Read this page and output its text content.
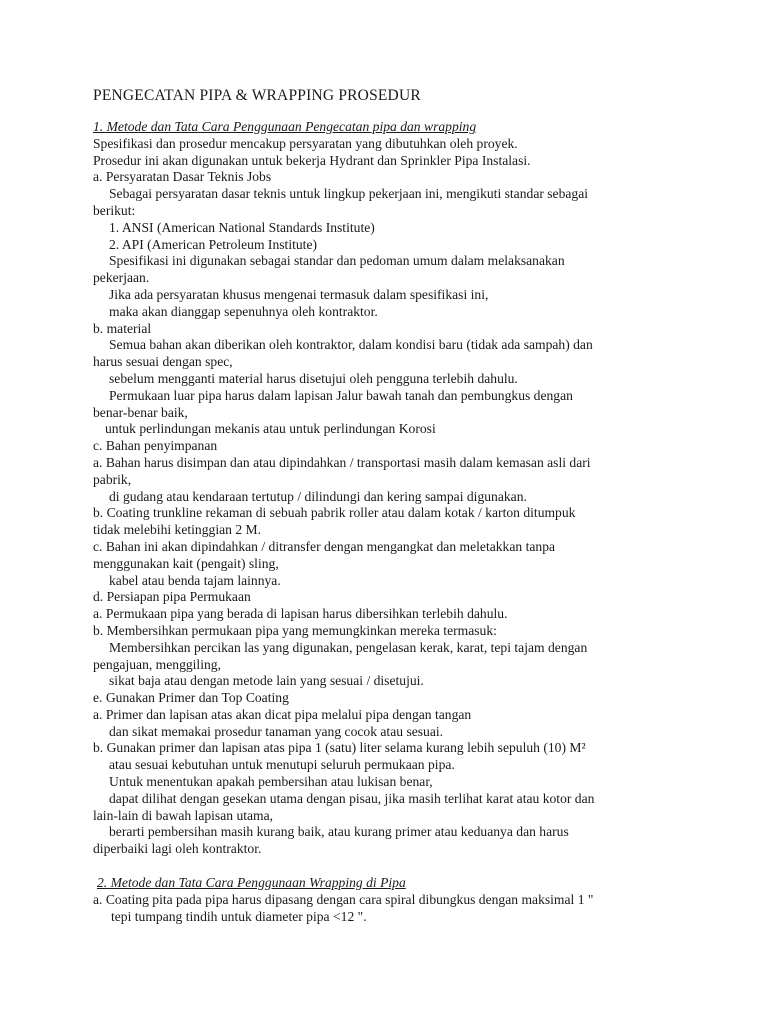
PENGECATAN PIPA & WRAPPING PROSEDUR
1. Metode dan Tata Cara Penggunaan Pengecatan pipa dan wrapping
Spesifikasi dan prosedur mencakup persyaratan yang dibutuhkan oleh proyek.
Prosedur ini akan digunakan untuk bekerja Hydrant dan Sprinkler Pipa Instalasi.
a. Persyaratan Dasar Teknis Jobs
Sebagai persyaratan dasar teknis untuk lingkup pekerjaan ini, mengikuti standar sebagai
berikut:
1. ANSI (American National Standards Institute)
2. API (American Petroleum Institute)
Spesifikasi ini digunakan sebagai standar dan pedoman umum dalam melaksanakan
pekerjaan.
Jika ada persyaratan khusus mengenai termasuk dalam spesifikasi ini,
maka akan dianggap sepenuhnya oleh kontraktor.
b. material
Semua bahan akan diberikan oleh kontraktor, dalam kondisi baru (tidak ada sampah) dan
harus sesuai dengan spec,
sebelum mengganti material harus disetujui oleh pengguna terlebih dahulu.
Permukaan luar pipa harus dalam lapisan Jalur bawah tanah dan pembungkus dengan
benar-benar baik,
untuk perlindungan mekanis atau untuk perlindungan Korosi
c. Bahan penyimpanan
a. Bahan harus disimpan dan atau dipindahkan / transportasi masih dalam kemasan asli dari
pabrik,
di gudang atau kendaraan tertutup / dilindungi dan kering sampai digunakan.
b. Coating trunkline rekaman di sebuah pabrik roller atau dalam kotak / karton ditumpuk
tidak melebihi ketinggian 2 M.
c. Bahan ini akan dipindahkan / ditransfer dengan mengangkat dan meletakkan tanpa
menggunakan kait (pengait) sling,
kabel atau benda tajam lainnya.
d. Persiapan pipa Permukaan
a. Permukaan pipa yang berada di lapisan harus dibersihkan terlebih dahulu.
b. Membersihkan permukaan pipa yang memungkinkan mereka termasuk:
Membersihkan percikan las yang digunakan, pengelasan kerak, karat, tepi tajam dengan
pengajuan, menggiling,
sikat baja atau dengan metode lain yang sesuai / disetujui.
e. Gunakan Primer dan Top Coating
a. Primer dan lapisan atas akan dicat pipa melalui pipa dengan tangan
dan sikat memakai prosedur tanaman yang cocok atau sesuai.
b. Gunakan primer dan lapisan atas pipa 1 (satu) liter selama kurang lebih sepuluh (10) M²
atau sesuai kebutuhan untuk menutupi seluruh permukaan pipa.
Untuk menentukan apakah pembersihan atau lukisan benar,
dapat dilihat dengan gesekan utama dengan pisau, jika masih terlihat karat atau kotor dan
lain-lain di bawah lapisan utama,
berarti pembersihan masih kurang baik, atau kurang primer atau keduanya dan harus
diperbaiki lagi oleh kontraktor.
2. Metode dan Tata Cara Penggunaan Wrapping di Pipa
a. Coating pita pada pipa harus dipasang dengan cara spiral dibungkus dengan maksimal 1 "
tepi tumpang tindih untuk diameter pipa <12 ".
